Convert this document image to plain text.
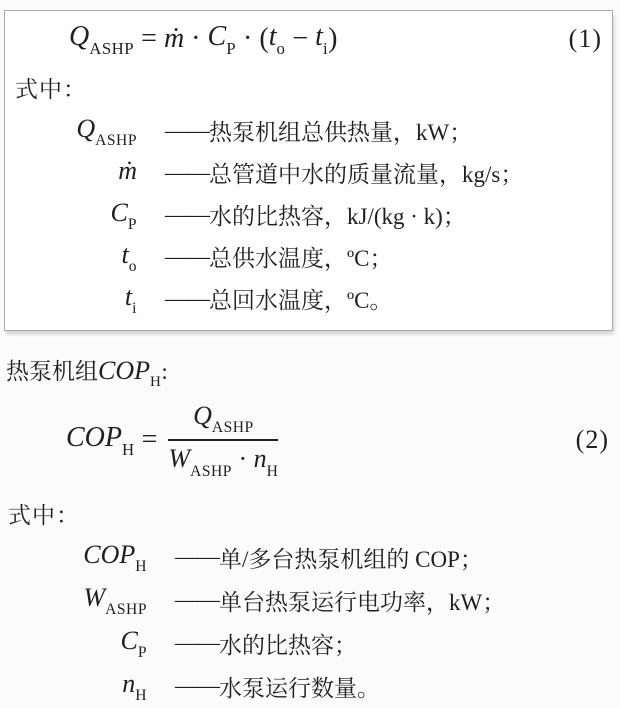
$Q_{ASHP}$ = ṁ · $C_P$ · ( $t_o - t_i$ )	(1)
式中：
$Q_{ASHP}$ —— 热泵机组总供热量，kW；
ṁ —— 总管道中水的质量流量，kg/s；
$C_P$ —— 水的比热容，kJ/(kg · k)；
$t_o$ —— 总供水温度，ºC；
$t_i$ —— 总回水温度，ºC。
热泵机组$COP_H$:
$COP_H = \frac{Q_{ASHP}}{W_{ASHP} \cdot n_H}$	(2)
式中：
$COP_H$ —— 单/多台热泵机组的 COP；
$W_{ASHP}$ —— 单台热泵运行电功率，kW；
$C_P$ —— 水的比热容；
$n_H$ —— 水泵运行数量。
